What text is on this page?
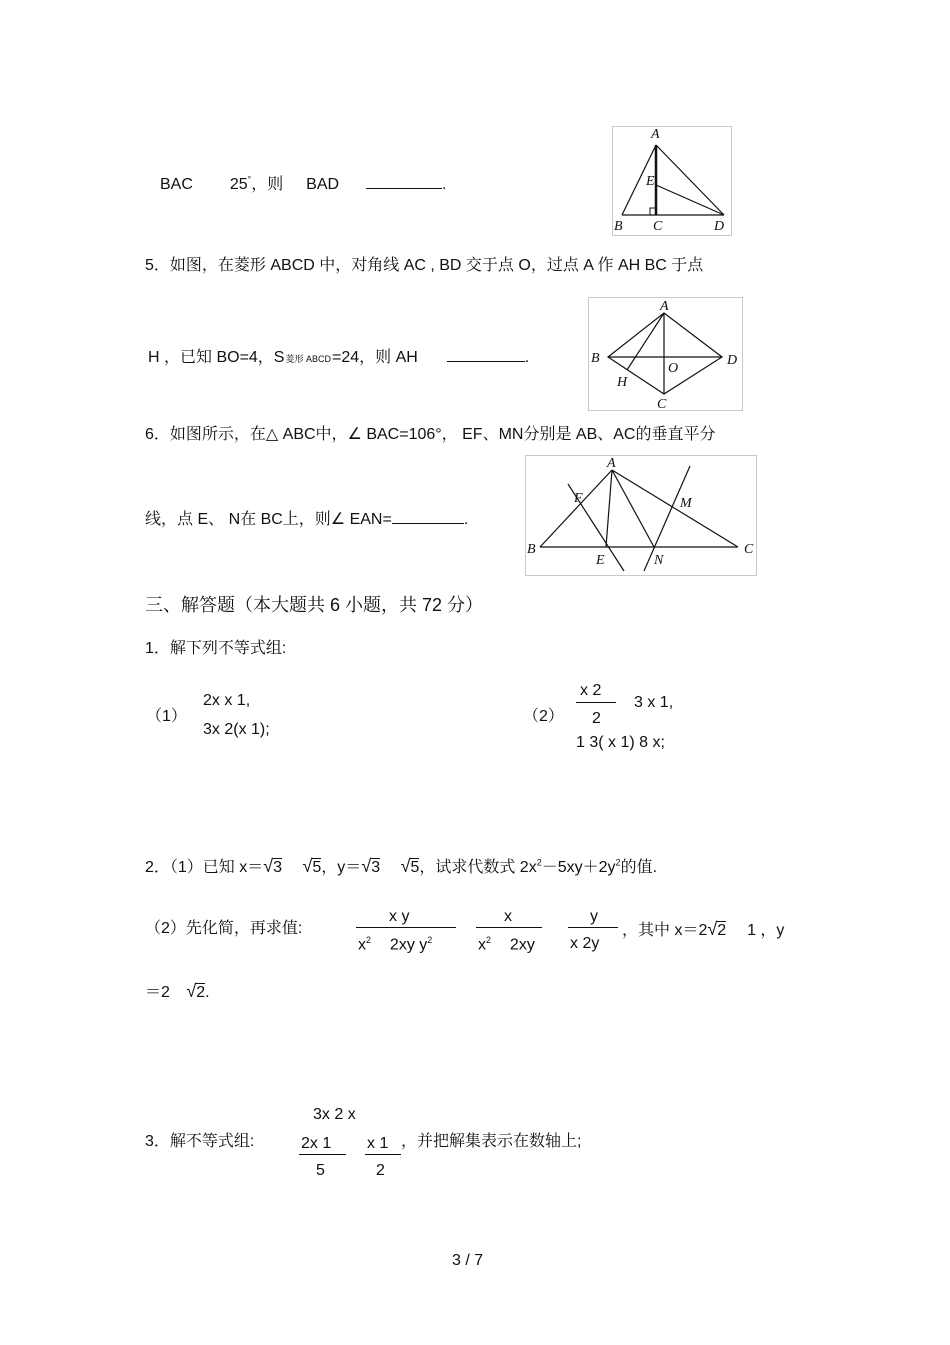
BAC 25°，则 BAD	.
A
E
B C	D
5．如图，在菱形 ABCD 中，对角线 AC , BD 交于点 O，过点 A 作 AH BC 于点
H ，已知 BO=4，S菱形 ABCD=24，则 AH	.
A
B
O
D
H
C
6．如图所示，在△ ABC中，∠ BAC=106°， EF、MN分别是 AB、AC的垂直平分
线，点 E、 N在 BC上，则∠ EAN=	.
A
F	M
B
E	N
C
三、解答题（本大题共 6 小题，共 72 分）
1．解下列不等式组:
（1）
2x x 1,
3x 2(x 1);
（2）
x 2
2
3 x 1,
1 3( x 1) 8 x;
2．（1）已知 x＝√3 √5，y＝√3 √5，试求代数式 $2x^2-5xy+2y^2$的值.
（2）先化简，再求值:
x y
$x^2$ 2xy $y^2$
x
$x^2$ 2xy
y
x 2y
，其中 x＝2√2 1 ，y
＝2 √2.
3x 2 x
3．解不等式组:	2x 1
5
x 1
2
，并把解集表示在数轴上;
3 / 7
